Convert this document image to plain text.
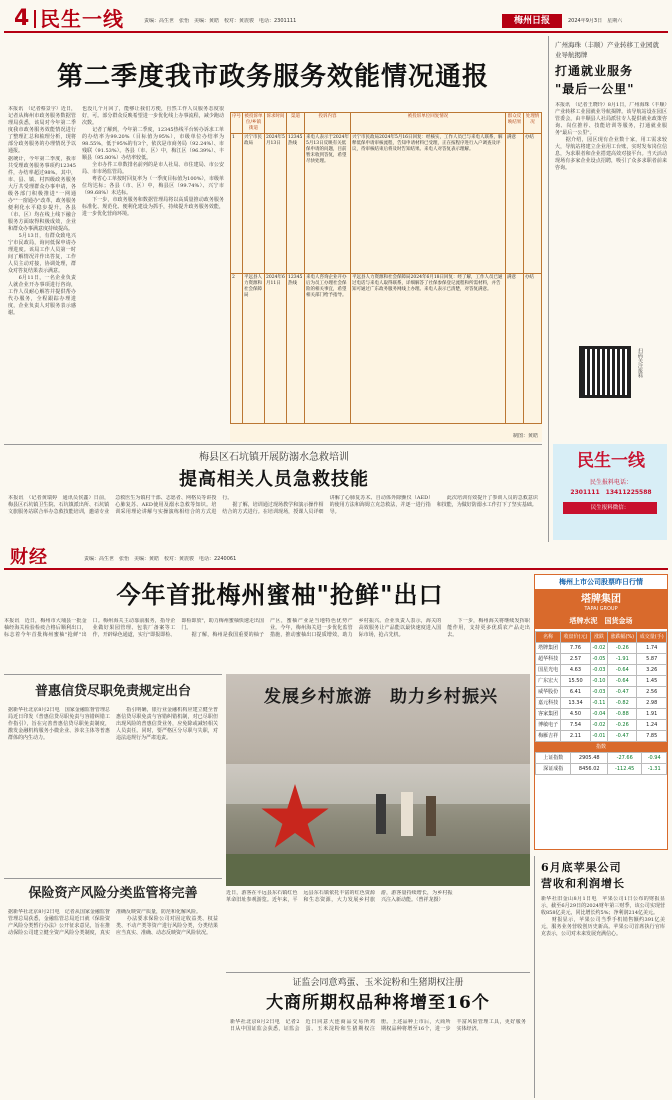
4 民生一线	责编：高生世　张怡　美编：黄皓　校对：黄震骏　电话：2301111	梅州日报	2024年9月3日　星期六
第二季度我市政务服务效能情况通报
本报讯　（记者蔡景宇）近日，记者从梅州市政务服务数据管理局获悉，该局对今年第二季度我市政务服务效能情况进行了整理汇总和梳理分析，现将部分政务服务的办理情况予以通报。
据统计，今年第二季度，我市共受理政务服务事项约12345件，办结率超过98%。其中，市、县、镇、村四级政务服务大厅共受理群众办事申请，各级各部门积极推进"一网通办""一窗通办"改革，政务服务便利化水平稳步提升。各县（市、区）均在线上线下融合服务方面取得积极成效，企业和群众办事满意度持续提高。
　　5月13日，有群众致电兴宁市民政局，询问低保申请办理进度。该局工作人员第一时间了解情况并作出答复，工作人员主动对接，协调处理，群众对答复结果表示满意。
　　6月11日，一名企业负责人就企业开办事项进行咨询，工作人员耐心解答并提供帮办代办服务，全程跟踪办理进度，企业负责人对服务表示感谢。
也没几个月回了，能够让我们方便，自然工作人员服务态度很好，可。部分群众反映希望进一步优化线上办事流程，减少跑动次数。
　　记者了解到，今年第二季度，12345热线平台转办诉求工单的办结率为99.20%（目标值为95%），市级单位办结率为98.55%，低于95%的有3个，依次是市商务局（92.24%）、市残联（91.53%）。各县（市、区）中，梅江区（96.39%）、丰顺县（95.80%）办结率较低。
　　全市办件工单数排名前列的是市人社局、市住建局、市公安局、市市场监管局。
　　粤省心工单按时回复率为（一季度目标值为100%），市级单位均达标；各县（市、区）中，梅县区（99.74%）、兴宁市（99.68%）未达标。
　　下一步，市政务服务和数据管理局将以高质量推动政务服务标准化、规范化、便利化建设为抓手，持续提升政务服务效能，进一步优化营商环境。
序号	被投诉单位/乡镇街道	诉求时间	渠道	投诉内容	被投诉单位回复情况	群众反映结果	处理情况
1	兴宁市民政局	2024年5月13日	12345热线	来电人表示于2024年5月13日反映有关低保申请的问题，目前暂未收到答复，希望尽快处理。	兴宁市民政局2024年5月16日回复：经核实，工作人员已与来电人联系，解释低保申请审核流程，告知申请材料已受理，正在按程序进行入户调查及评议，待审核结束后将及时告知结果。来电人对答复表示理解。	满意	办结
2	平远县人力资源和社会保障局	2024年6月11日	12345热线	来电人咨询企业开办后为员工办理社会保险的相关事宜，希望相关部门给予指导。	平远县人力资源和社会保障局2024年6月18日回复：经了解，工作人员已通过电话与来电人取得联系，详细解答了社保参保登记流程和所需材料，并告知可通过广东政务服务网线上办理。来电人表示已清楚，对答复满意。	满意	办结
制图：黄皓
梅县区石坑镇开展防溺水急救培训
提高相关人员急救技能
本报讯　（记者黄瑞婷　通讯员侯鑫）日前，梅县区石坑镇卫生院、石坑镇派出所、石坑镇文旅服务站联合举办急救技能培训，邀请专业急救医生为镇村干部、志愿者、网格员等讲授心肺复苏、AED使用及溺水急救等知识。培训采用理论讲解与实操演练相结合的方式进行。
　　据了解，培训通过现场教学和演示操作相结合的方式进行。在培训现场，授课人员详细讲解了心肺复苏术、自动体外除颤仪（AED）的使用方法和海姆立克急救法，并逐一进行指导。
　　此次培训有效提升了参训人员的急救意识和技能，为做好防溺水工作打下了坚实基础。
广州海珠（丰顺）产业转移工业园就业导航揭牌
打通就业服务
"最后一公里"
本报讯　（记者王晓玲）8月1日，广州海珠（丰顺）产业转移工业园就业导航揭牌。该导航站设在园区管委会，由丰顺县人社局派驻专人提供就业政策咨询、岗位推荐、技能培训等服务，打通就业服务"最后一公里"。
　　据介绍，园区现有企业数十家，用工需求较大，导航站将建立企业用工台账，实时发布岗位信息，为求职者和企业搭建高效对接平台。当天活动现场有多家企业设点招聘，吸引了众多求职者前来咨询。
扫码关注报料
民生一线
民生报料电话：
2301111　13411225588
民生报料微信：
财经	责编：高生世　张怡　美编：黄皓　校对：黄震骏　电话：2240061
今年首批梅州蜜柚"抢鲜"出口
本报讯　近日，梅州市大埔县一批金柚经海关检验检疫合格后顺利出口，标志着今年首批梅州蜜柚"抢鲜"出口。梅州海关主动靠前服务，指导企业做好果园管理、包装厂备案等工作，开辟绿色通道，实行"即报即检、即检即放"，助力梅州蜜柚快速走出国门。
　　据了解，梅州是我国重要的柚子产区，蜜柚产业是当地特色优势产业。今年，梅州海关进一步优化监管措施，推动蜜柚出口提质增效，助力乡村振兴。企业负责人表示，海关的高效服务让产品能以最快速度进入国际市场，抢占先机。
　　下一步，梅州海关将继续发挥职能作用，支持更多优质农产品走出去。
普惠信贷尽职免责规定出台
据新华社北京8月2日电　国家金融监督管理总局近日印发《普惠信贷尽职免责与容错纠错工作指引》，旨在完善普惠信贷尽职免责制度，激发金融机构服务小微企业、涉农主体等普惠群体的内生动力。
　　指引明确，银行业金融机构应建立健全普惠信贷尽职免责与容错纠错机制，对已尽职但出现风险的普惠信贷业务，应免除或减轻相关人员责任。同时，要严格区分尽职与失职，对违法违规行为严肃追责。
保险资产风险分类监管将完善
据新华社北京8月2日电　记者从国家金融监督管理总局获悉，金融监管总局近日就《保险资产风险分类暂行办法》公开征求意见，旨在推动保险公司建立健全资产风险分类制度，真实准确反映资产质量，防范和化解风险。
　　办法要求保险公司对固定收益类、权益类、不动产类等资产进行风险分类，分类结果应当真实、准确、动态反映资产风险状况。
发展乡村旅游　助力乡村振兴
近日，游客在平远县东石镇红色革命旧址参观游览。近年来，平远县东石镇依托丰富的红色资源和生态资源，大力发展乡村旅游，游客量持续增长，为乡村振兴注入新动能。（曾祥龙摄）
证监会同意鸡蛋、玉米淀粉和生猪期权注册
大商所期权品种将增至16个
新华社北京8月2日电　记者2日从中国证监会获悉，证监会近日同意大连商品交易所鸡蛋、玉米淀粉和生猪期权注册。上述品种上市后，大商所期权品种将增至16个，进一步丰富风险管理工具，更好服务实体经济。
梅州上市公司股票昨日行情
塔牌集团
TAPAI GROUP
塔牌水泥　国货金场
名称	收盘价(元)	涨跌	涨跌幅(%)	成交量(手)
塔牌集团	7.76	-0.02	-0.26	1.74
超华科技	2.57	-0.05	-1.91	5.87
国星光电	4.63	-0.03	-0.64	3.26
广东宏大	15.50	-0.10	-0.64	1.45
威华股份	6.41	-0.03	-0.47	2.56
嘉元科技	13.34	-0.11	-0.82	2.98
客家集团	4.50	-0.04	-0.88	1.91
博敏电子	7.54	-0.02	-0.26	1.24
梅雁吉祥	2.11	-0.01	-0.47	7.85
指数
上证指数	2905.48	-27.66	-0.94
深证成指	8456.02	-112.45	-1.31
6月底苹果公司
营收和利润增长
新华社旧金山8月1日电　苹果公司1日公布的财报显示，截至6月29日的2024财年第三财季，该公司实现营收858亿美元，同比增长约5%；净利润214亿美元。
　　财报显示，苹果公司当季手机销售额约391亿美元，服务业务营收创历史新高。苹果公司首席执行官库克表示，公司对未来发展充满信心。
